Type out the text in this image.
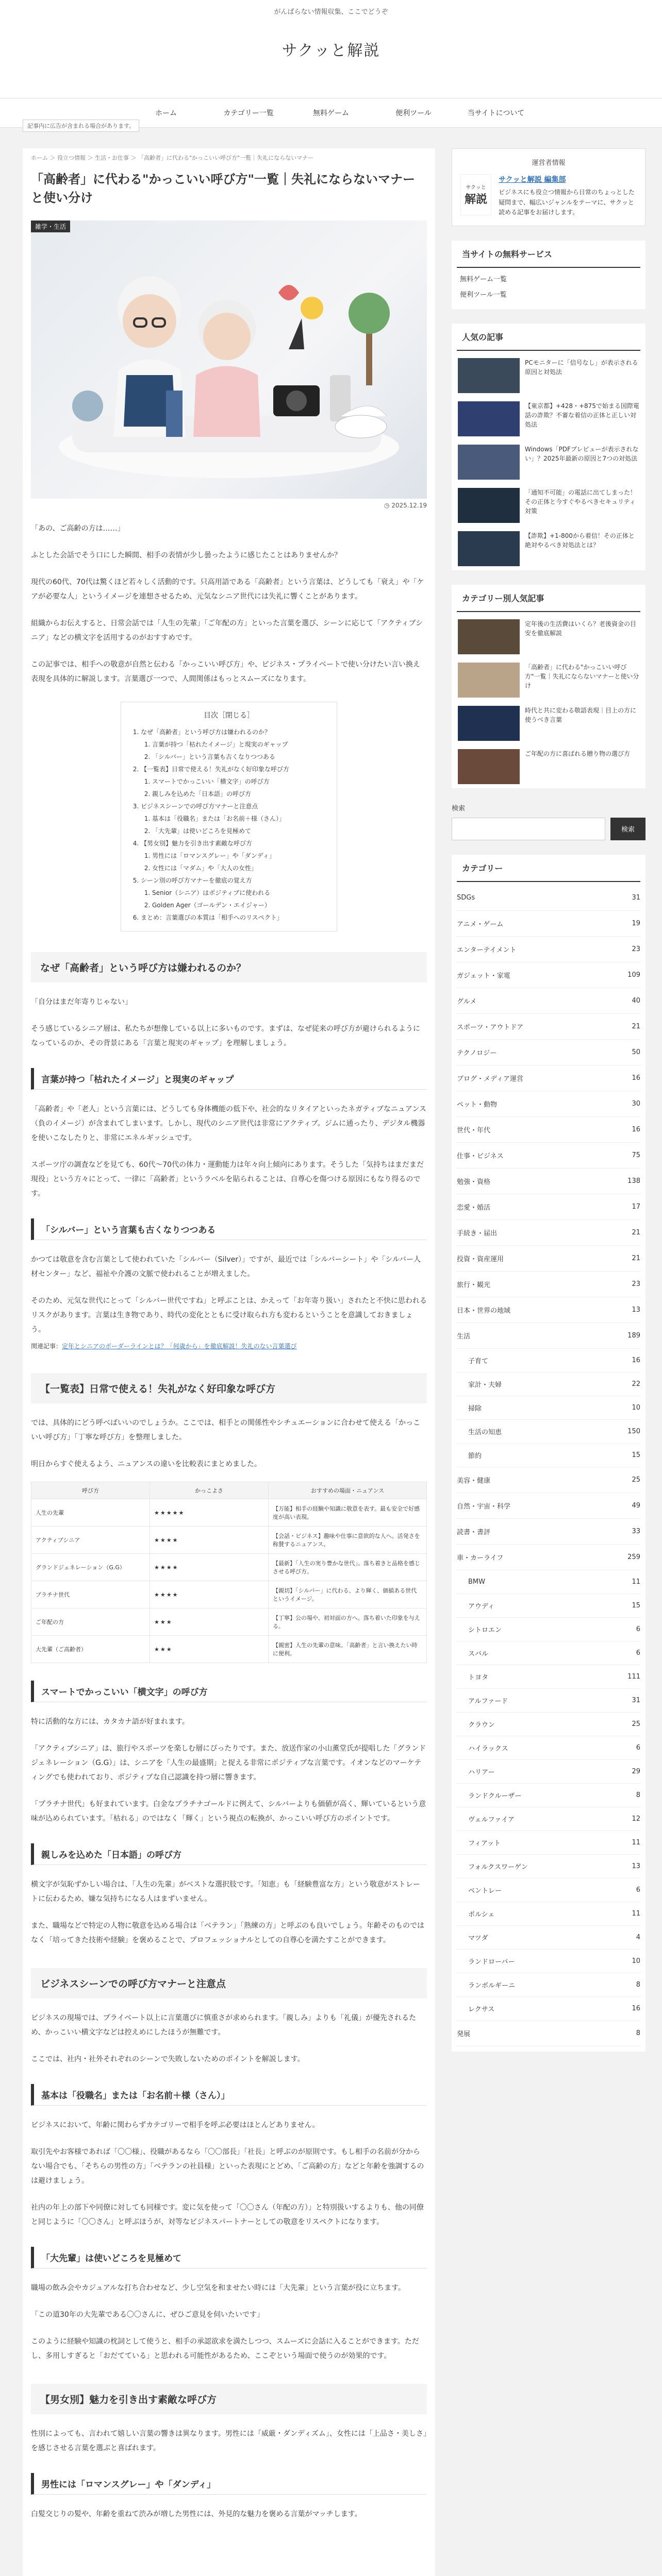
がんばらない情報収集、ここでどうぞ
サクッと解説
ホーム	カテゴリー一覧	無料ゲーム	便利ツール	当サイトについて
記事内に広告が含まれる場合があります。
ホーム ＞ 役立つ情報 ＞ 生活・お仕事 ＞ 「高齢者」に代わる"かっこいい呼び方"一覧｜失礼にならないマナー
「高齢者」に代わる"かっこいい呼び方"一覧｜失礼にならないマナーと使い分け
雑学・生活
◷ 2025.12.19

「あの、ご高齢の方は……」

ふとした会話でそう口にした瞬間、相手の表情が少し曇ったように感じたことはありませんか？

現代の60代、70代は驚くほど若々しく活動的です。只高用語である「高齢者」という言葉は、どうしても「衰え」や「ケアが必要な人」というイメージを連想させるため、元気なシニア世代には失礼に響くことがあります。

組織からお伝えすると、日常会話では「人生の先輩」「ご年配の方」といった言葉を選び、シーンに応じて「アクティブシニア」などの横文字を活用するのがおすすめです。

この記事では、相手への敬意が自然と伝わる「かっこいい呼び方」や、ビジネス・プライベートで使い分けたい言い換え表現を具体的に解説します。言葉選び一つで、人間関係はもっとスムーズになります。

目次［閉じる］
1. なぜ「高齢者」という呼び方は嫌われるのか？
1. 言葉が持つ「枯れたイメージ」と現実のギャップ
2. 「シルバー」という言葉も古くなりつつある
2. 【一覧表】日常で使える！失礼がなく好印象な呼び方
1. スマートでかっこいい「横文字」の呼び方
2. 親しみを込めた「日本語」の呼び方
3. ビジネスシーンでの呼び方マナーと注意点
1. 基本は「役職名」または「お名前＋様（さん）」
2. 「大先輩」は使いどころを見極めて
4. 【男女別】魅力を引き出す素敵な呼び方
1. 男性には「ロマンスグレー」や「ダンディ」
2. 女性には「マダム」や「大人の女性」
5. シーン別の呼び方マナーを徹底の覚え方
1. Senior（シニア）はポジティブに使われる
2. Golden Ager（ゴールデン・エイジャー）
6. まとめ：言葉選びの本質は「相手へのリスペクト」
なぜ「高齢者」という呼び方は嫌われるのか？

「自分はまだ年寄りじゃない」

そう感じているシニア層は、私たちが想像している以上に多いものです。まずは、なぜ従来の呼び方が避けられるようになっているのか、その背景にある「言葉と現実のギャップ」を理解しましょう。

言葉が持つ「枯れたイメージ」と現実のギャップ

「高齢者」や「老人」という言葉には、どうしても身体機能の低下や、社会的なリタイアといったネガティブなニュアンス（負のイメージ）が含まれてしまいます。しかし、現代のシニア世代は非常にアクティブ。ジムに通ったり、デジタル機器を使いこなしたりと、非常にエネルギッシュです。

スポーツ庁の調査などを見ても、60代〜70代の体力・運動能力は年々向上傾向にあります。そうした「気持ちはまだまだ現役」という方々にとって、一律に「高齢者」というラベルを貼られることは、自尊心を傷つける原因にもなり得るのです。

「シルバー」という言葉も古くなりつつある

かつては敬意を含む言葉として使われていた「シルバー（Silver）」ですが、最近では「シルバーシート」や「シルバー人材センター」など、福祉や介護の文脈で使われることが増えました。

そのため、元気な世代にとって「シルバー世代ですね」と呼ぶことは、かえって「お年寄り扱い」されたと不快に思われるリスクがあります。言葉は生き物であり、時代の変化とともに受け取られ方も変わるということを意識しておきましょう。

関連記事：定年とシニアのボーダーラインとは？「何歳から」を徹底解説！失礼のない言葉選び
【一覧表】日常で使える！失礼がなく好印象な呼び方

では、具体的にどう呼べばいいのでしょうか。ここでは、相手との関係性やシチュエーションに合わせて使える「かっこいい呼び方」「丁寧な呼び方」を整理しました。

明日からすぐ使えるよう、ニュアンスの違いを比較表にまとめました。

呼び方	かっこよさ	おすすめの場面・ニュアンス
人生の先輩	★★★★★	【万能】相手の経験や知識に敬意を表す。最も安全で好感度が高い表現。
アクティブシニア	★★★★	【会話・ビジネス】趣味や仕事に意欲的な人へ。活発さを称賛するニュアンス。
グランドジェネレーション（G.G）	★★★★	【最新】「人生の実り豊かな世代」。落ち着きと品格を感じさせる呼び方。
プラチナ世代	★★★★	【親切】「シルバー」に代わる、より輝く、価値ある世代というイメージ。
ご年配の方	★★★	【丁寧】公の場や、初対面の方へ。落ち着いた印象を与える。
大先輩（ご高齢者）	★★★	【親密】人生の先輩の意味。「高齢者」と言い換えたい時に便利。
スマートでかっこいい「横文字」の呼び方

特に活動的な方には、カタカナ語が好まれます。

「アクティブシニア」は、旅行やスポーツを楽しむ層にぴったりです。また、放送作家の小山薫堂氏が提唱した「グランドジェネレーション（G.G）」は、シニアを「人生の最盛期」と捉える非常にポジティブな言葉です。イオンなどのマーケティングでも使われており、ポジティブな自己認識を持つ層に響きます。

「プラチナ世代」も好まれています。白金なプラチナゴールドに例えて、シルバーよりも価値が高く、輝いているという意味が込められています。「枯れる」のではなく「輝く」という視点の転換が、かっこいい呼び方のポイントです。

親しみを込めた「日本語」の呼び方

横文字が気恥ずかしい場合は、「人生の先輩」がベストな選択肢です。「知恵」も「経験豊富な方」という敬意がストレートに伝わるため、嫌な気持ちになる人はまずいません。

また、職場などで特定の人物に敬意を込める場合は「ベテラン」「熟練の方」と呼ぶのも良いでしょう。年齢そのものではなく「培ってきた技術や経験」を褒めることで、プロフェッショナルとしての自尊心を満たすことができます。

ビジネスシーンでの呼び方マナーと注意点

ビジネスの現場では、プライベート以上に言葉選びに慎重さが求められます。「親しみ」よりも「礼儀」が優先されるため、かっこいい横文字などは控えめにしたほうが無難です。

ここでは、社内・社外それぞれのシーンで失敗しないためのポイントを解説します。

基本は「役職名」または「お名前＋様（さん）」

ビジネスにおいて、年齢に関わらずカテゴリーで相手を呼ぶ必要はほとんどありません。

取引先やお客様であれば「〇〇様」、役職があるなら「〇〇部長」「社長」と呼ぶのが原則です。もし相手の名前が分からない場合でも、「そちらの男性の方」「ベテランの社員様」といった表現にとどめ、「ご高齢の方」などと年齢を強調するのは避けましょう。

社内の年上の部下や同僚に対しても同様です。変に気を使って「〇〇さん（年配の方）」と特別扱いするよりも、他の同僚と同じように「〇〇さん」と呼ぶほうが、対等なビジネスパートナーとしての敬意をリスペクトになります。

「大先輩」は使いどころを見極めて

職場の飲み会やカジュアルな打ち合わせなど、少し空気を和ませたい時には「大先輩」という言葉が役に立ちます。

「この道30年の大先輩である〇〇さんに、ぜひご意見を伺いたいです」

このように経験や知識の枕詞として使うと、相手の承認欲求を満たしつつ、スムーズに会話に入ることができます。ただし、多用しすぎると「おだてている」と思われる可能性があるため、ここぞという場面で使うのが効果的です。

【男女別】魅力を引き出す素敵な呼び方

性別によっても、言われて嬉しい言葉の響きは異なります。男性には「威厳・ダンディズム」、女性には「上品さ・美しさ」を感じさせる言葉を選ぶと喜ばれます。

男性には「ロマンスグレー」や「ダンディ」

白髪交じりの髪や、年齢を重ねて渋みが増した男性には、外見的な魅力を褒める言葉がマッチします。

運営者情報
サクッと
解説
サクッと解説 編集部
ビジネスにも役立つ情報から日常のちょっとした疑問まで、幅広いジャンルをテーマに、サクッと読める記事をお届けします。
当サイトの無料サービス
無料ゲーム一覧
便利ツール一覧
人気の記事
PCモニターに「信号なし」が表示される原因と対処法
【東京都】+428・+875で始まる国際電話の詐欺？不審な着信の正体と正しい対処法
Windows「PDFプレビューが表示されない」？2025年最新の原因と7つの対処法
「通知不可能」の電話に出てしまった！その正体と今すぐやるべきセキュリティ対策
【詐欺】+1-800から着信！その正体と絶対やるべき対処法とは？
カテゴリー別人気記事
定年後の生活費はいくら？老後資金の目安を徹底解説
「高齢者」に代わる"かっこいい呼び方"一覧｜失礼にならないマナーと使い分け
時代と共に変わる敬語表現｜目上の方に使うべき言葉
ご年配の方に喜ばれる贈り物の選び方
検索
検索
カテゴリー
SDGs	31
アニメ・ゲーム	19
エンターテイメント	23
ガジェット・家電	109
グルメ	40
スポーツ・アウトドア	21
テクノロジー	50
ブログ・メディア運営	16
ペット・動物	30
世代・年代	16
仕事・ビジネス	75
勉強・資格	138
恋愛・婚活	17
手続き・届出	21
投資・資産運用	21
旅行・観光	23
日本・世界の地域	13
生活	189
子育て	16
家計・夫婦	22
掃除	10
生活の知恵	150
節約	15
美容・健康	25
自然・宇宙・科学	49
読書・書評	33
車・カーライフ	259
BMW	11
アウディ	15
シトロエン	6
スバル	6
トヨタ	111
アルファード	31
クラウン	25
ハイラックス	6
ハリアー	29
ランドクルーザー	8
ヴェルファイア	12
フィアット	11
フォルクスワーゲン	13
ベントレー	6
ポルシェ	11
マツダ	4
ランドローバー	10
ランボルギーニ	8
レクサス	16
発展	8
